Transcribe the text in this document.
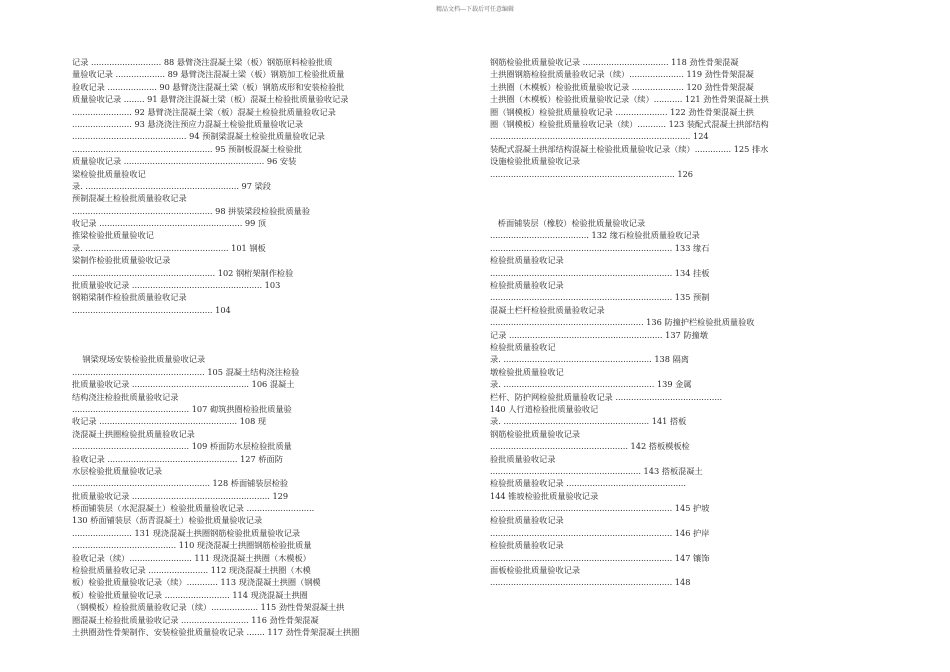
精品文档---下载后可任意编辑
记录 ........................... 88 悬臂浇注混凝土梁（板）钢筋原料检验批质
量验收记录 ................... 89 悬臂浇注混凝土梁（板）钢筋加工检验批质量
验收记录 ................... 90 悬臂浇注混凝土梁（板）钢筋成形和安装检验批
质量验收记录 ........ 91 悬臂浇注混凝土梁（板）混凝土检验批质量验收记录
....................... 92 悬臂浇注混凝土梁（板）混凝土检验批质量验收记录
....................... 93 悬浇浇注预应力混凝土检验批质量验收记录
............................................ 94 预制梁混凝土检验批质量验收记录
...................................................... 95 预制板混凝土检验批
质量验收记录 ...................................................... 96 安装
梁检验批质量验收记
录. ........................................................... 97 梁段
预制混凝土检验批质量验收记录
...................................................... 98 拼装梁段检验批质量验
收记录 ....................................................... 99 顶
推梁检验批质量验收记
录. ....................................................... 101 钢板
梁制作检验批质量验收记录
....................................................... 102 钢桁架制作检验
批质量验收记录 .................................................. 103
钢箱梁制作检验批质量验收记录
...................................................... 104
钢梁现场安装检验批质量验收记录
................................................... 105 混凝土结构浇注检验
批质量验收记录 ............................................. 106 混凝土
结构浇注检验批质量验收记录
............................................. 107 砌筑拱圈检验批质量验
收记录 ..................................................... 108 现
浇混凝土拱圈检验批质量验收记录
............................................. 109 桥面防水层检验批质量
验收记录 .................................................. 127 桥面防
水层检验批质量验收记录
..................................................... 128 桥面铺装层检验
批质量验收记录 ..................................................... 129
桥面铺装层（水泥混凝土）检验批质量验收记录 ..........................
130 桥面铺装层（沥青混凝土）检验批质量验收记录
....................... 131 现浇混凝土拱圈钢筋检验批质量验收记录
........................................ 110 现浇混凝土拱圈钢筋检验批质量
验收记录（续）........................ 111 现浇混凝土拱圈（木模板）
检验批质量验收记录 ....................... 112 现浇混凝土拱圈（木模
板）检验批质量验收记录（续）............ 113 现浇混凝土拱圈（钢模
板）检验批质量验收记录 ......................... 114 现浇混凝土拱圈
（钢模板）检验批质量验收记录（续）.................. 115 劲性骨架混凝土拱
圈混凝土检验批质量验收记录 .......................... 116 劲性骨架混凝
土拱圈劲性骨架制作、安装检验批质量验收记录 ....... 117 劲性骨架混凝土拱圈
钢筋检验批质量验收记录 ................................. 118 劲性骨架混凝
土拱圈钢筋检验批质量验收记录（续）..................... 119 劲性骨架混凝
土拱圈（木模板）检验批质量验收记录 .................... 120 劲性骨架混凝
土拱圈（木模板）检验批质量验收记录（续）........... 121 劲性骨架混凝土拱
圈（钢模板）检验批质量验收记录 .................... 122 劲性骨架混凝土拱
圈（钢模板）检验批质量验收记录（续）........... 123 装配式混凝土拱部结构
............................................................................. 124
装配式混凝土拱部结构混凝土检验批质量验收记录（续）.............. 125 排水
设施检验批质量验收记录
....................................................................... 126
桥面铺装层（橡胶）检验批质量验收记录
...................................... 132 缘石检验批质量验收记录
...................................................................... 133 缘石
检验批质量验收记录
...................................................................... 134 挂板
检验批质量验收记录
...................................................................... 135 预制
混凝土栏杆检验批质量验收记录
........................................................... 136 防撞护栏检验批质量验收
记录 ........................................................... 137 防撞墩
检验批质量验收记
录. ......................................................... 138 隔离
墩检验批质量验收记
录. .......................................................... 139 金属
栏杆、防护网检验批质量验收记录 .........................................
140 人行道检验批质量验收记
录. ........................................................ 141 搭板
钢筋检验批质量验收记录
..................................................... 142 搭板模板检
验批质量验收记录
.......................................................... 143 搭板混凝土
检验批质量验收记录 ..............................................
144 锥坡检验批质量验收记录
...................................................................... 145 护坡
检验批质量验收记录
...................................................................... 146 护岸
检验批质量验收记录
...................................................................... 147 镶饰
面板检验批质量验收记录
...................................................................... 148
